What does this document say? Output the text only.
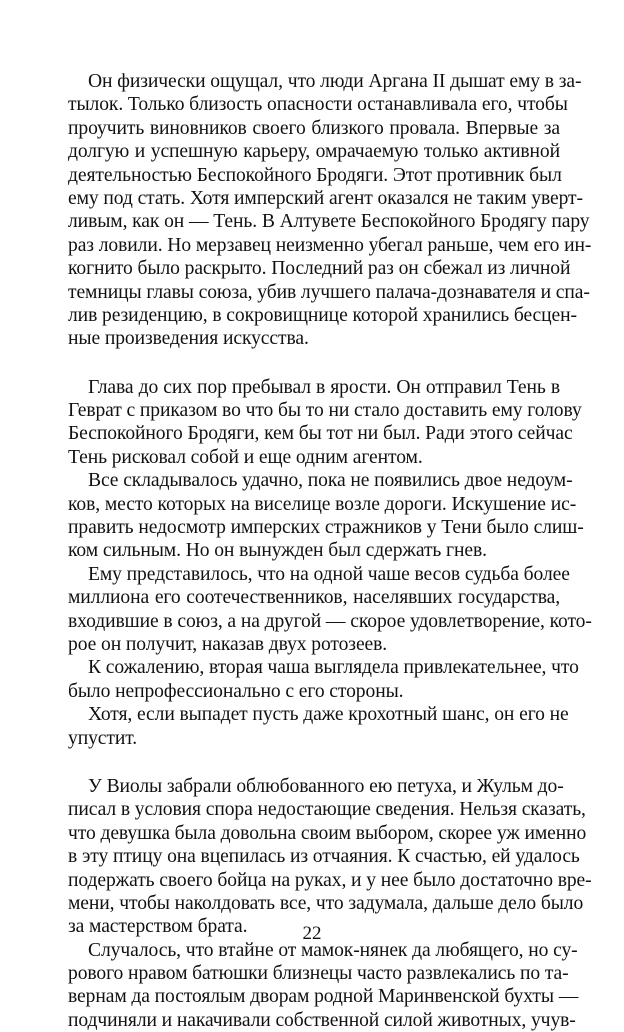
Он физически ощущал, что люди Аргана II дышат ему в за-
тылок. Только близость опасности останавливала его, чтобы
проучить виновников своего близкого провала. Впервые за
долгую и успешную карьеру, омрачаемую только активной
деятельностью Беспокойного Бродяги. Этот противник был
ему под стать. Хотя имперский агент оказался не таким уверт-
ливым, как он — Тень. В Алтувете Беспокойного Бродягу пару
раз ловили. Но мерзавец неизменно убегал раньше, чем его ин-
когнито было раскрыто. Последний раз он сбежал из личной
темницы главы союза, убив лучшего палача-дознавателя и спа-
лив резиденцию, в сокровищнице которой хранились бесцен-
ные произведения искусства.
Глава до сих пор пребывал в ярости. Он отправил Тень в
Геврат с приказом во что бы то ни стало доставить ему голову
Беспокойного Бродяги, кем бы тот ни был. Ради этого сейчас
Тень рисковал собой и еще одним агентом.
Все складывалось удачно, пока не появились двое недоум-
ков, место которых на виселице возле дороги. Искушение ис-
править недосмотр имперских стражников у Тени было слиш-
ком сильным. Но он вынужден был сдержать гнев.
Ему представилось, что на одной чаше весов судьба более
миллиона его соотечественников, населявших государства,
входившие в союз, а на другой — скорое удовлетворение, кото-
рое он получит, наказав двух ротозеев.
К сожалению, вторая чаша выглядела привлекательнее, что
было непрофессионально с его стороны.
Хотя, если выпадет пусть даже крохотный шанс, он его не
упустит.
У Виолы забрали облюбованного ею петуха, и Жульм до-
писал в условия спора недостающие сведения. Нельзя сказать,
что девушка была довольна своим выбором, скорее уж именно
в эту птицу она вцепилась из отчаяния. К счастью, ей удалось
подержать своего бойца на руках, и у нее было достаточно вре-
мени, чтобы наколдовать все, что задумала, дальше дело было
за мастерством брата.
Случалось, что втайне от мамок-нянек да любящего, но су-
рового нравом батюшки близнецы часто развлекались по та-
вернам да постоялым дворам родной Маринвенской бухты —
подчиняли и накачивали собственной силой животных, учув-
22
